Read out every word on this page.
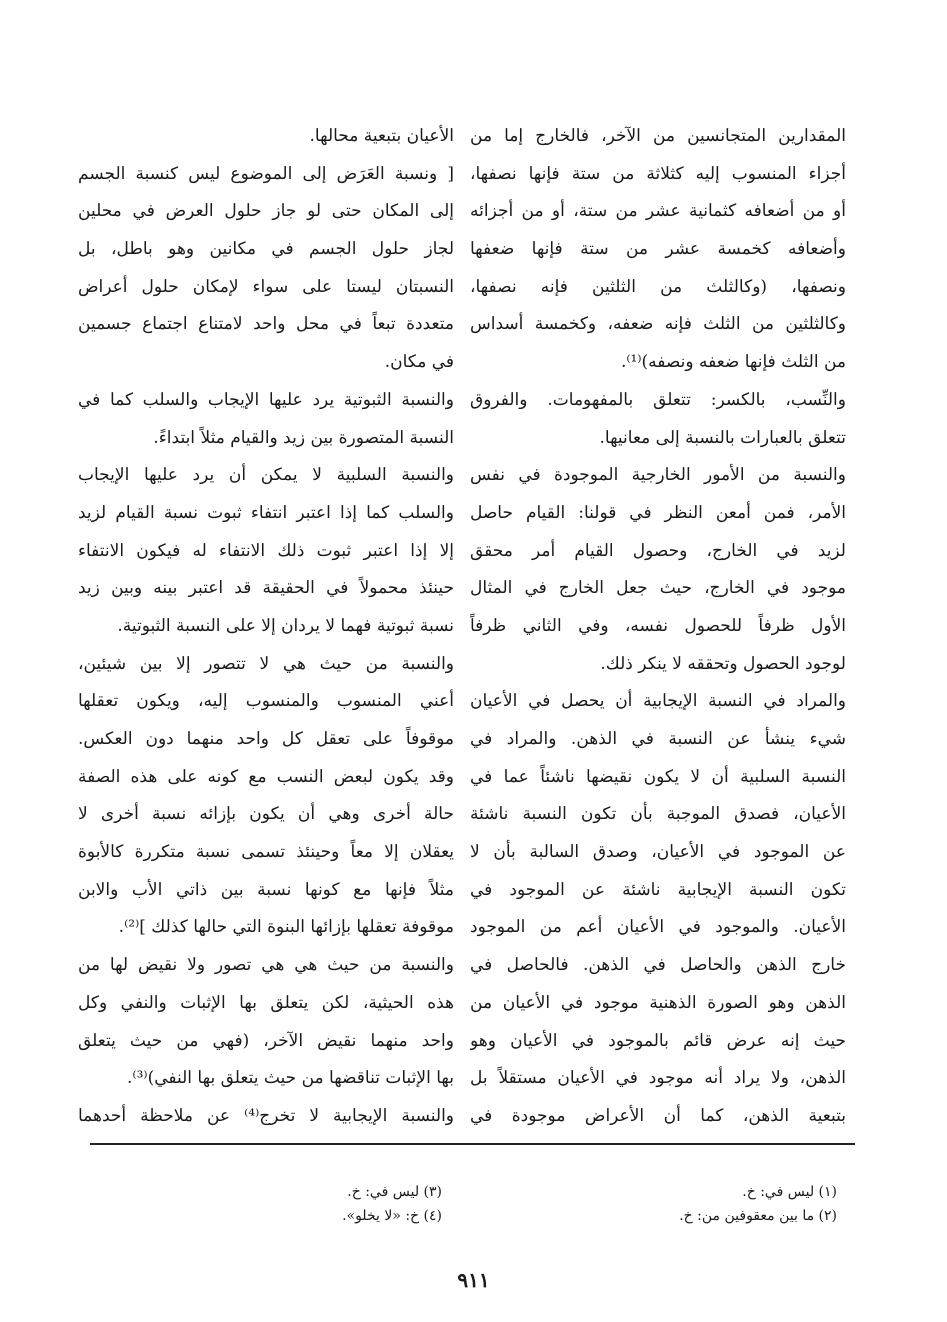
المقدارين المتجانسين من الآخر، فالخارج إما من
أجزاء المنسوب إليه كثلاثة من ستة فإنها نصفها،
أو من أضعافه كثمانية عشر من ستة، أو من أجزائه
وأضعافه كخمسة عشر من ستة فإنها ضعفها
ونصفها، (وكالثلث من الثلثين فإنه نصفها،
وكالثلثين من الثلث فإنه ضعفه، وكخمسة أسداس
من الثلث فإنها ضعفه ونصفه)⁽¹⁾.
والنِّسب، بالكسر: تتعلق بالمفهومات. والفروق
تتعلق بالعبارات بالنسبة إلى معانيها.
والنسبة من الأمور الخارجية الموجودة في نفس
الأمر، فمن أمعن النظر في قولنا: القيام حاصل
لزيد في الخارج، وحصول القيام أمر محقق
موجود في الخارج، حيث جعل الخارج في المثال
الأول ظرفاً للحصول نفسه، وفي الثاني ظرفاً
لوجود الحصول وتحققه لا ينكر ذلك.
والمراد في النسبة الإيجابية أن يحصل في الأعيان
شيء ينشأ عن النسبة في الذهن. والمراد في
النسبة السلبية أن لا يكون نقيضها ناشئاً عما في
الأعيان، فصدق الموجبة بأن تكون النسبة ناشئة
عن الموجود في الأعيان، وصدق السالبة بأن لا
تكون النسبة الإيجابية ناشئة عن الموجود في
الأعيان. والموجود في الأعيان أعم من الموجود
خارج الذهن والحاصل في الذهن. فالحاصل في
الذهن وهو الصورة الذهنية موجود في الأعيان من
حيث إنه عرض قائم بالموجود في الأعيان وهو
الذهن، ولا يراد أنه موجود في الأعيان مستقلاً بل
بتبعية الذهن، كما أن الأعراض موجودة في
الأعيان بتبعية محالها.
[ ونسبة العَرَض إلى الموضوع ليس كنسبة الجسم
إلى المكان حتى لو جاز حلول العرض في محلين
لجاز حلول الجسم في مكانين وهو باطل، بل
النسبتان ليستا على سواء لإمكان حلول أعراض
متعددة تبعاً في محل واحد لامتناع اجتماع جسمين
في مكان.
والنسبة الثبوتية يرد عليها الإيجاب والسلب كما في
النسبة المتصورة بين زيد والقيام مثلاً ابتداءً.
والنسبة السلبية لا يمكن أن يرد عليها الإيجاب
والسلب كما إذا اعتبر انتفاء ثبوت نسبة القيام لزيد
إلا إذا اعتبر ثبوت ذلك الانتفاء له فيكون الانتفاء
حينئذ محمولاً في الحقيقة قد اعتبر بينه وبين زيد
نسبة ثبوتية فهما لا يردان إلا على النسبة الثبوتية.
والنسبة من حيث هي لا تتصور إلا بين شيئين،
أعني المنسوب والمنسوب إليه، ويكون تعقلها
موقوفاً على تعقل كل واحد منهما دون العكس.
وقد يكون لبعض النسب مع كونه على هذه الصفة
حالة أخرى وهي أن يكون بإزائه نسبة أخرى لا
يعقلان إلا معاً وحينئذ تسمى نسبة متكررة كالأبوة
مثلاً فإنها مع كونها نسبة بين ذاتي الأب والابن
موقوفة تعقلها بإزائها البنوة التي حالها كذلك ]⁽²⁾.
والنسبة من حيث هي هي تصور ولا نقيض لها من
هذه الحيثية، لكن يتعلق بها الإثبات والنفي وكل
واحد منهما نقيض الآخر، (فهي من حيث يتعلق
بها الإثبات تناقضها من حيث يتعلق بها النفي)⁽³⁾.
والنسبة الإيجابية لا تخرج⁽⁴⁾ عن ملاحظة أحدهما
(١) ليس في: خ.
(٢) ما بين معقوفين من: خ.
(٣) ليس في: خ.
(٤) خ: «لا يخلو».
٩١١
